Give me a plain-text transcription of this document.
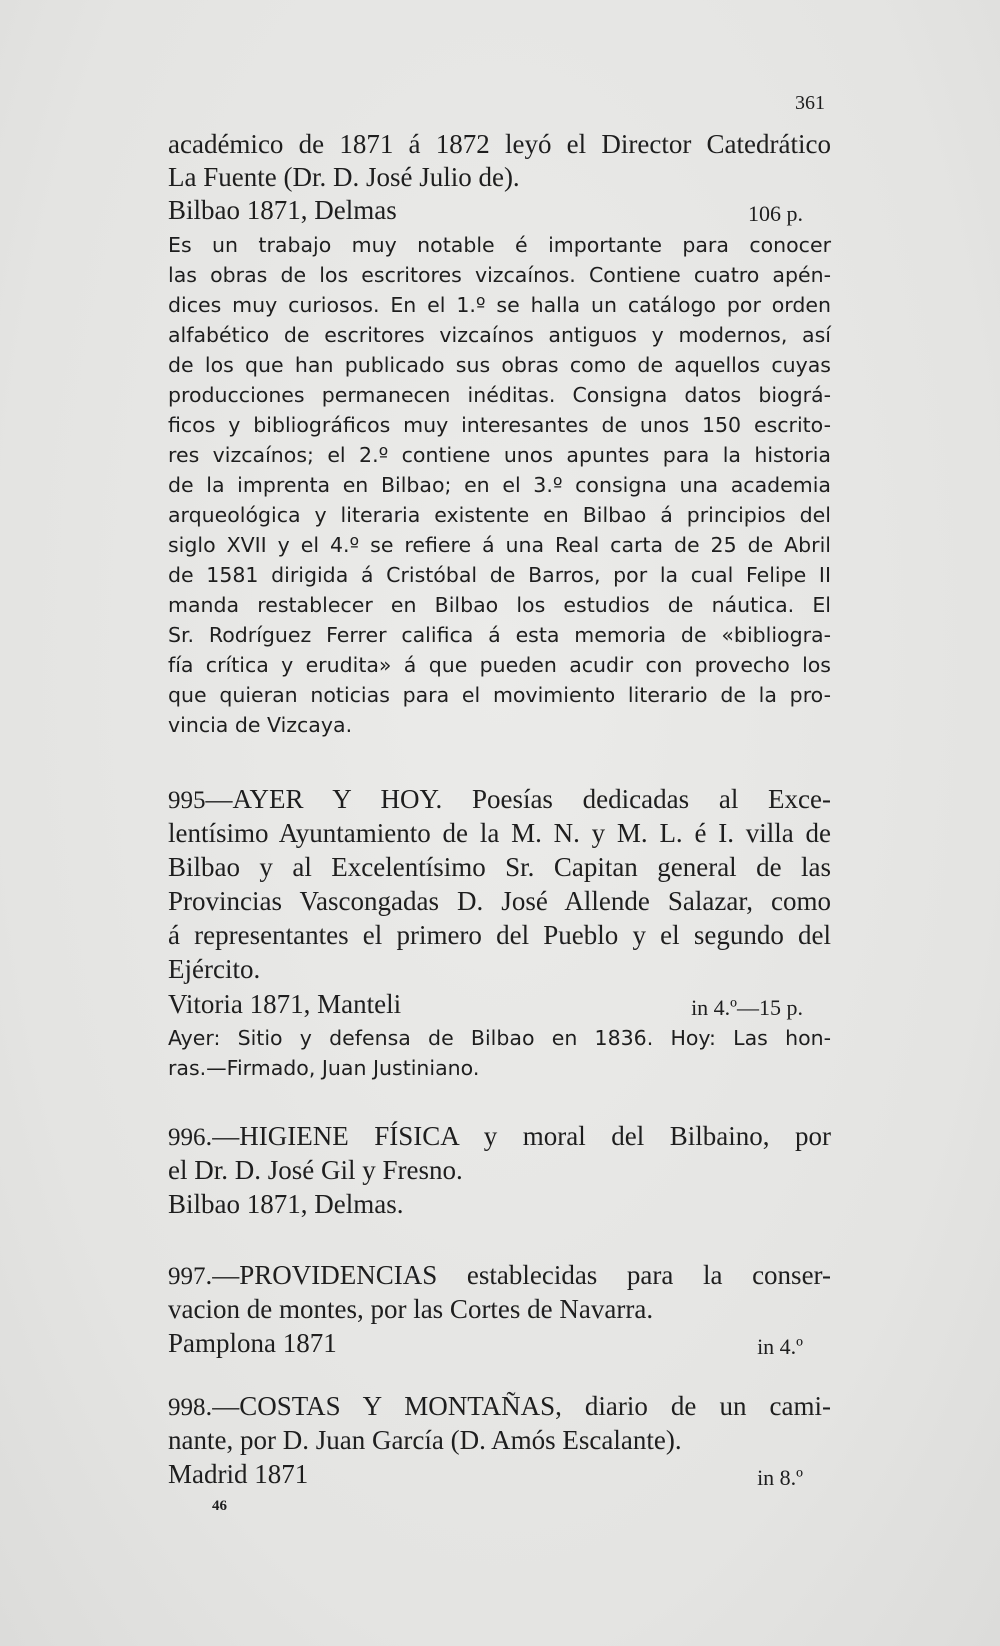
361
académico de 1871 á 1872 leyó el Director Catedrático
La Fuente (Dr. D. José Julio de).
Bilbao 1871, Delmas	106 p.
Es un trabajo muy notable é importante para conocer
las obras de los escritores vizcaínos. Contiene cuatro apén-
dices muy curiosos. En el 1.º se halla un catálogo por orden
alfabético de escritores vizcaínos antiguos y modernos, así
de los que han publicado sus obras como de aquellos cuyas
producciones permanecen inéditas. Consigna datos biográ-
ficos y bibliográficos muy interesantes de unos 150 escrito-
res vizcaínos; el 2.º contiene unos apuntes para la historia
de la imprenta en Bilbao; en el 3.º consigna una academia
arqueológica y literaria existente en Bilbao á principios del
siglo XVII y el 4.º se refiere á una Real carta de 25 de Abril
de 1581 dirigida á Cristóbal de Barros, por la cual Felipe II
manda restablecer en Bilbao los estudios de náutica. El
Sr. Rodríguez Ferrer califica á esta memoria de «bibliogra-
fía crítica y erudita» á que pueden acudir con provecho los
que quieran noticias para el movimiento literario de la pro-
vincia de Vizcaya.
995—AYER Y HOY. Poesías dedicadas al Exce-
lentísimo Ayuntamiento de la M. N. y M. L. é I. villa de
Bilbao y al Excelentísimo Sr. Capitan general de las
Provincias Vascongadas D. José Allende Salazar, como
á representantes el primero del Pueblo y el segundo del
Ejército.
Vitoria 1871, Manteli	in 4.º—15 p.
Ayer: Sitio y defensa de Bilbao en 1836. Hoy: Las hon-
ras.—Firmado, Juan Justiniano.
996.—HIGIENE FÍSICA y moral del Bilbaino, por
el Dr. D. José Gil y Fresno.
Bilbao 1871, Delmas.
997.—PROVIDENCIAS establecidas para la conser-
vacion de montes, por las Cortes de Navarra.
Pamplona 1871	in 4.º
998.—COSTAS Y MONTAÑAS, diario de un cami-
nante, por D. Juan García (D. Amós Escalante).
Madrid 1871	in 8.º
46
